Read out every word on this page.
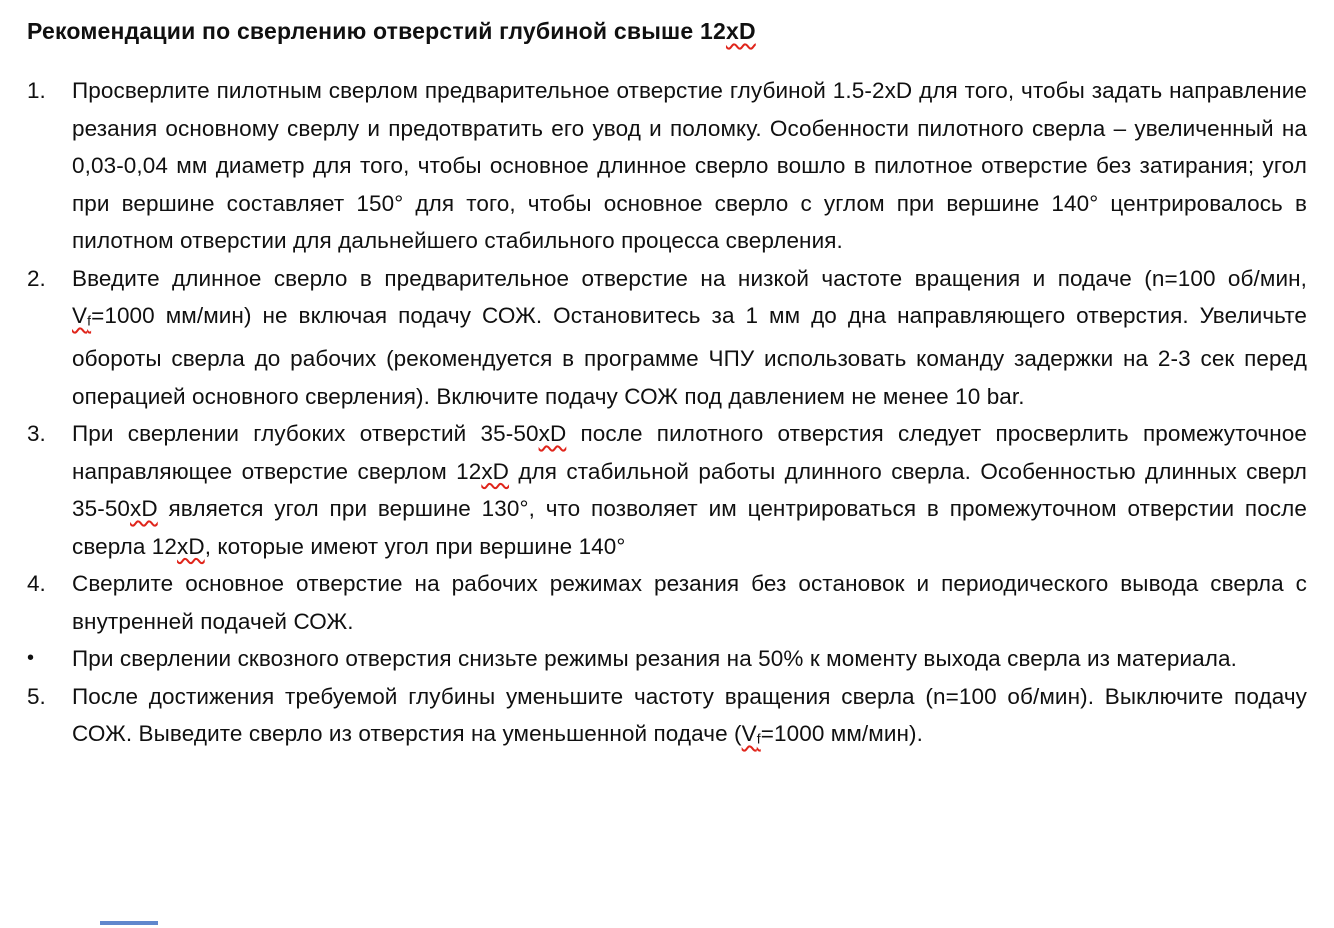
Рекомендации по сверлению отверстий глубиной свыше 12xD
1.	Просверлите пилотным сверлом предварительное отверстие глубиной 1.5-2xD для того, чтобы задать направление резания основному сверлу и предотвратить его увод и поломку. Особенности пилотного сверла – увеличенный на 0,03-0,04 мм диаметр для того, чтобы основное длинное сверло вошло в пилотное отверстие без затирания; угол при вершине составляет 150° для того, чтобы основное сверло с углом при вершине 140° центрировалось в пилотном отверстии для дальнейшего стабильного процесса сверления.
2.	Введите длинное сверло в предварительное отверстие на низкой частоте вращения и подаче (n=100 об/мин, Vf=1000 мм/мин) не включая подачу СОЖ. Остановитесь за 1 мм до дна направляющего отверстия. Увеличьте обороты сверла до рабочих (рекомендуется в программе ЧПУ использовать команду задержки на 2-3 сек перед операцией основного сверления). Включите подачу СОЖ под давлением не менее 10 bar.
3.	При сверлении глубоких отверстий 35-50xD после пилотного отверстия следует просверлить промежуточное направляющее отверстие сверлом 12xD для стабильной работы длинного сверла. Особенностью длинных сверл 35-50xD является угол при вершине 130°, что позволяет им центрироваться в промежуточном отверстии после сверла 12xD, которые имеют угол при вершине 140°
4.	Сверлите основное отверстие на рабочих режимах резания без остановок и периодического вывода сверла с внутренней подачей СОЖ.
•	При сверлении сквозного отверстия снизьте режимы резания на 50% к моменту выхода сверла из материала.
5.	После достижения требуемой глубины уменьшите частоту вращения сверла (n=100 об/мин). Выключите подачу СОЖ. Выведите сверло из отверстия на уменьшенной подаче (Vf=1000 мм/мин).
